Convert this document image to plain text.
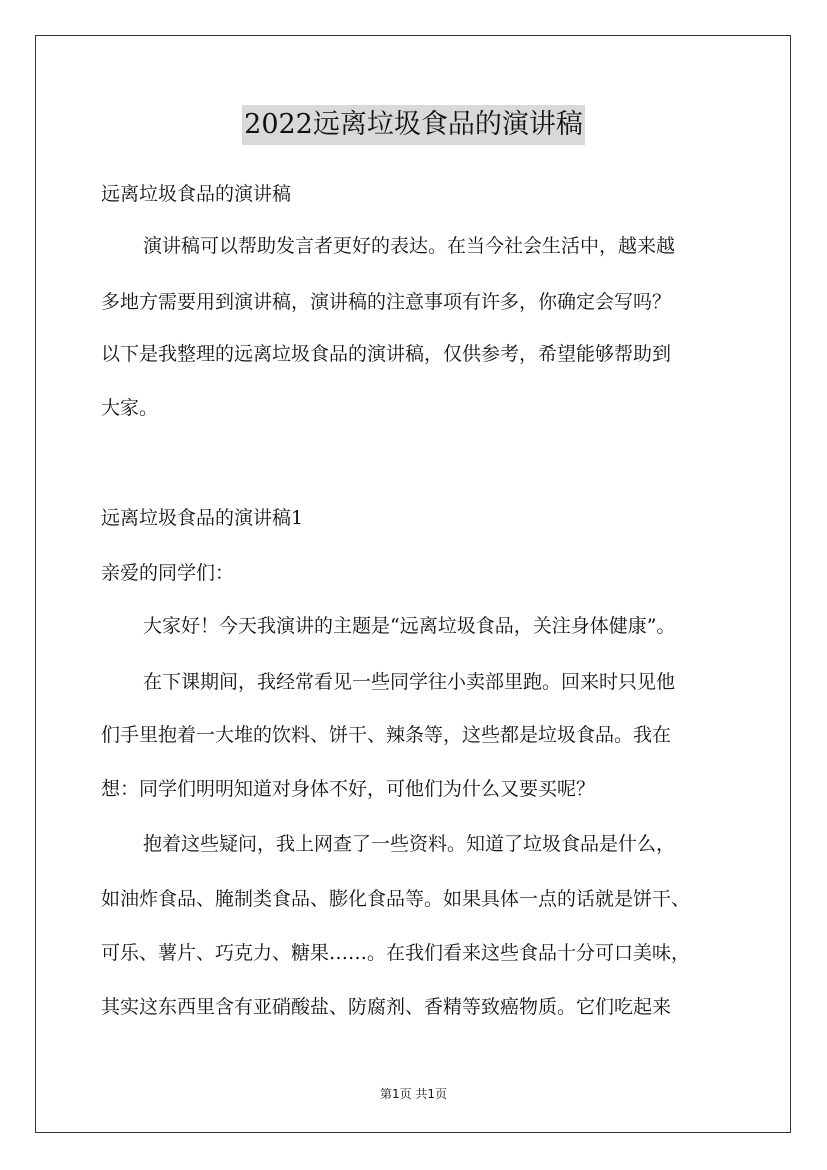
2022远离垃圾食品的演讲稿
远离垃圾食品的演讲稿
演讲稿可以帮助发言者更好的表达。在当今社会生活中，越来越
多地方需要用到演讲稿，演讲稿的注意事项有许多，你确定会写吗？
以下是我整理的远离垃圾食品的演讲稿，仅供参考，希望能够帮助到
大家。
远离垃圾食品的演讲稿1
亲爱的同学们：
大家好！今天我演讲的主题是“远离垃圾食品，关注身体健康”。
在下课期间，我经常看见一些同学往小卖部里跑。回来时只见他
们手里抱着一大堆的饮料、饼干、辣条等，这些都是垃圾食品。我在
想：同学们明明知道对身体不好，可他们为什么又要买呢？
抱着这些疑问，我上网查了一些资料。知道了垃圾食品是什么，
如油炸食品、腌制类食品、膨化食品等。如果具体一点的话就是饼干、
可乐、薯片、巧克力、糖果……。在我们看来这些食品十分可口美味，
其实这东西里含有亚硝酸盐、防腐剂、香精等致癌物质。它们吃起来
第1页 共1页
